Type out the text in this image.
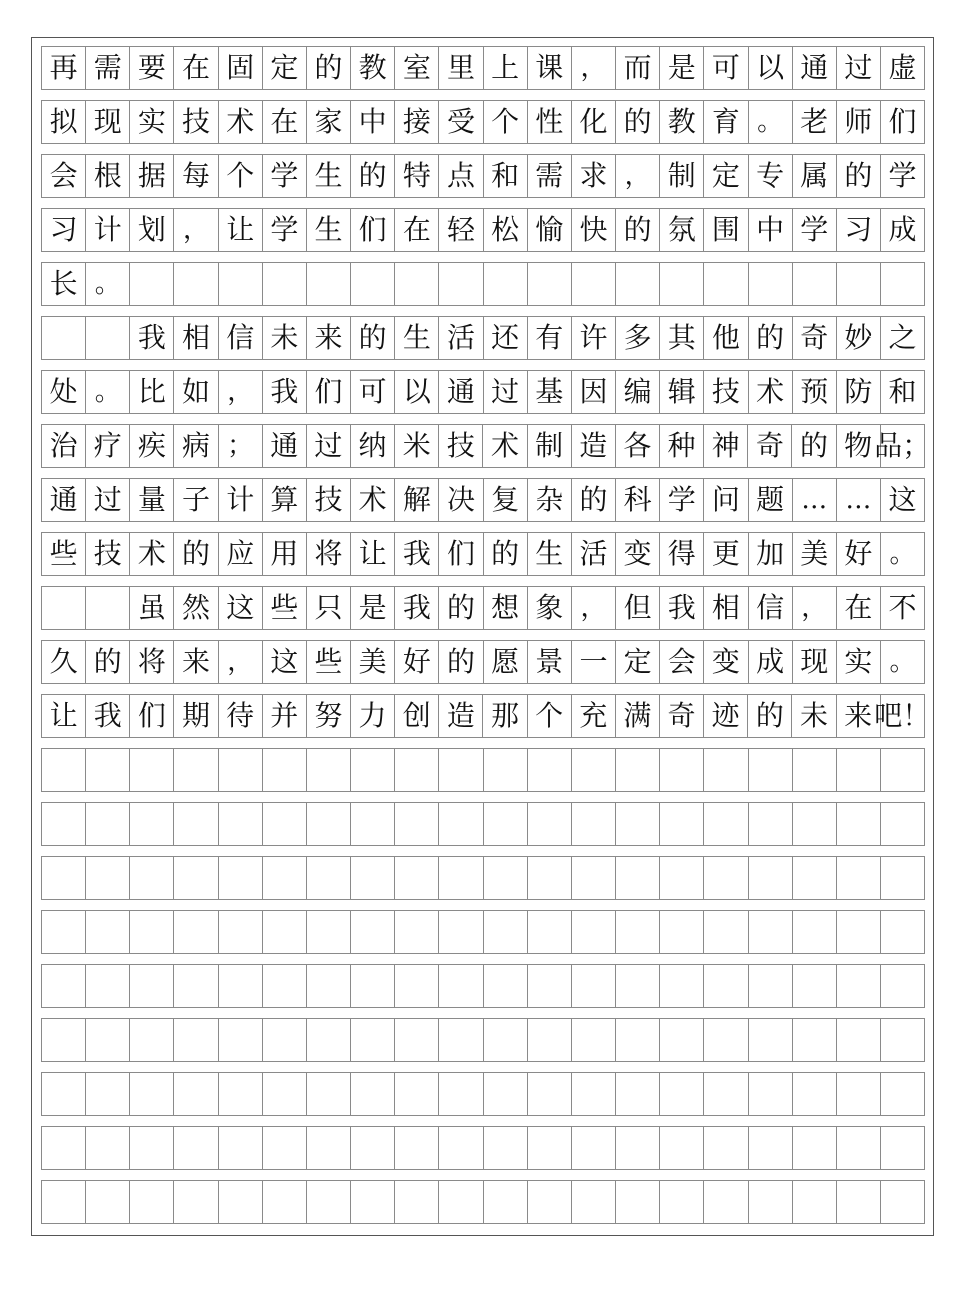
再 需 要 在 固 定 的 教 室 里 上 课 ， 而 是 可 以 通 过 虚
拟 现 实 技 术 在 家 中 接 受 个 性 化 的 教 育 。 老 师 们
会 根 据 每 个 学 生 的 特 点 和 需 求 ， 制 定 专 属 的 学
习 计 划 ， 让 学 生 们 在 轻 松 愉 快 的 氛 围 中 学 习 成
长 。
我 相 信 未 来 的 生 活 还 有 许 多 其 他 的 奇 妙 之
处 。 比 如 ， 我 们 可 以 通 过 基 因 编 辑 技 术 预 防 和
治 疗 疾 病 ； 通 过 纳 米 技 术 制 造 各 种 神 奇 的 物 品；
通 过 量 子 计 算 技 术 解 决 复 杂 的 科 学 问 题 … … 这
些 技 术 的 应 用 将 让 我 们 的 生 活 变 得 更 加 美 好 。
虽 然 这 些 只 是 我 的 想 象 ， 但 我 相 信 ， 在 不
久 的 将 来 ， 这 些 美 好 的 愿 景 一 定 会 变 成 现 实 。
让 我 们 期 待 并 努 力 创 造 那 个 充 满 奇 迹 的 未 来 吧！
